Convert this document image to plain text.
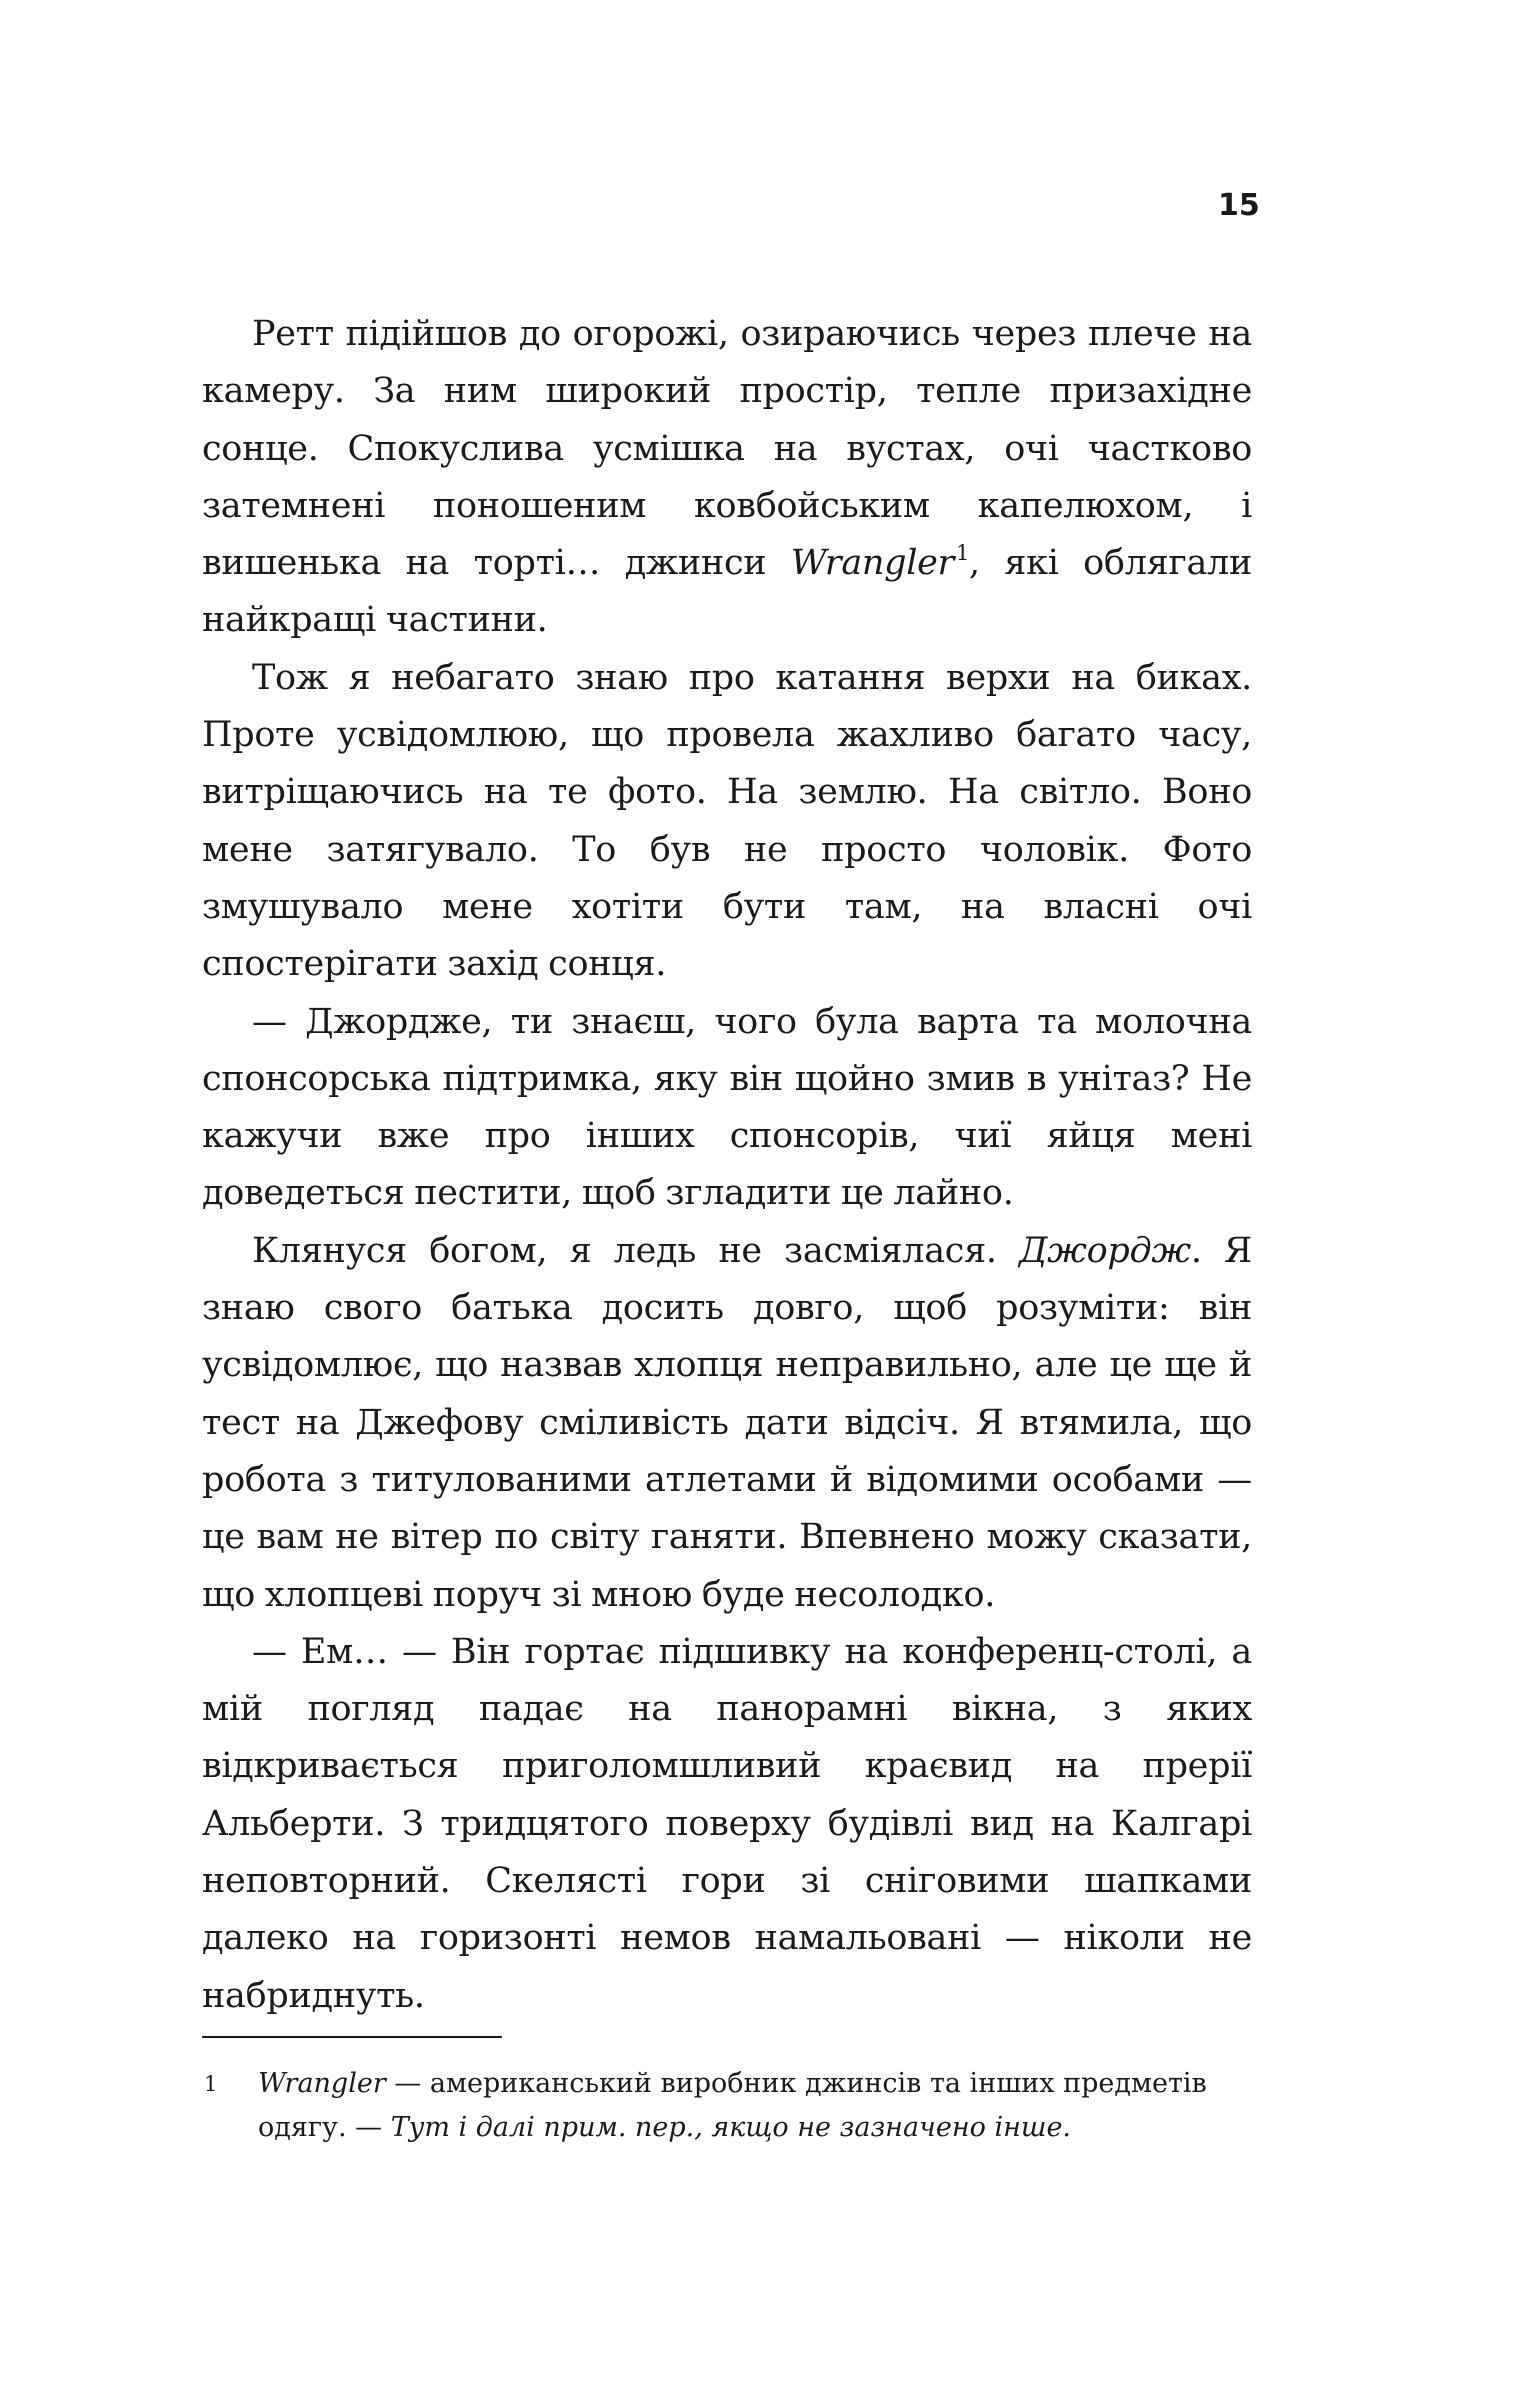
15

Ретт підійшов до огорожі, озираючись через плече на камеру. За ним широкий простір, тепле призахідне сонце. Спокуслива усмішка на вустах, очі частково затемнені поношеним ковбойським капелюхом, і вишенька на торті… джинси Wrangler$^1$, які облягали найкращі частини.

Тож я небагато знаю про катання верхи на биках. Проте усвідомлюю, що провела жахливо багато часу, витріщаючись на те фото. На землю. На світло. Воно мене затягувало. То був не просто чоловік. Фото змушувало мене хотіти бути там, на власні очі спостерігати захід сонця.

— Джордже, ти знаєш, чого була варта та молочна спонсорська підтримка, яку він щойно змив в унітаз? Не кажучи вже про інших спонсорів, чиї яйця мені доведеться пестити, щоб згладити це лайно.

Клянуся богом, я ледь не засміялася. Джордж. Я знаю свого батька досить довго, щоб розуміти: він усвідомлює, що назвав хлопця неправильно, але це ще й тест на Джефову сміливість дати відсіч. Я втямила, що робота з титулованими атлетами й відомими особами — це вам не вітер по світу ганяти. Впевнено можу сказати, що хлопцеві поруч зі мною буде несолодко.

— Ем… — Він гортає підшивку на конференц-столі, а мій погляд падає на панорамні вікна, з яких відкривається приголомшливий краєвид на прерії Альберти. З тридцятого поверху будівлі вид на Калгарі неповторний. Скелясті гори зі сніговими шапками далеко на горизонті немов намальовані — ніколи не набриднуть.

1	Wrangler — американський виробник джинсів та інших предметів одягу. — Тут і далі прим. пер., якщо не зазначено інше.
